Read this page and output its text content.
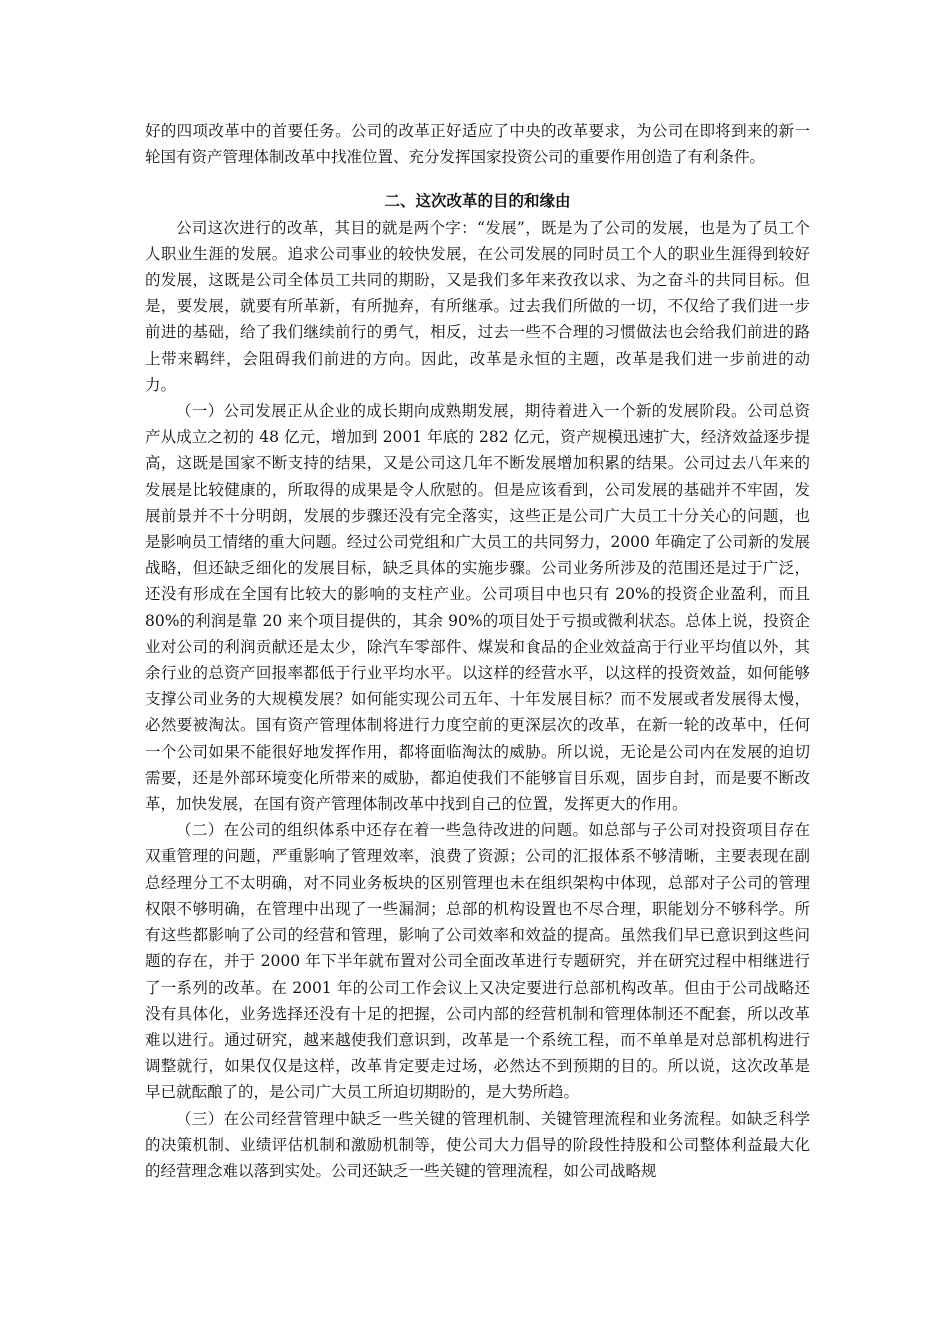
好的四项改革中的首要任务。公司的改革正好适应了中央的改革要求，为公司在即将到来的新一轮国有资产管理体制改革中找准位置、充分发挥国家投资公司的重要作用创造了有利条件。

二、这次改革的目的和缘由

公司这次进行的改革，其目的就是两个字：“发展”，既是为了公司的发展，也是为了员工个人职业生涯的发展。追求公司事业的较快发展，在公司发展的同时员工个人的职业生涯得到较好的发展，这既是公司全体员工共同的期盼，又是我们多年来孜孜以求、为之奋斗的共同目标。但是，要发展，就要有所革新，有所抛弃，有所继承。过去我们所做的一切，不仅给了我们进一步前进的基础，给了我们继续前行的勇气，相反，过去一些不合理的习惯做法也会给我们前进的路上带来羁绊，会阻碍我们前进的方向。因此，改革是永恒的主题，改革是我们进一步前进的动力。

（一）公司发展正从企业的成长期向成熟期发展，期待着进入一个新的发展阶段。公司总资产从成立之初的 48 亿元，增加到 2001 年底的 282 亿元，资产规模迅速扩大，经济效益逐步提高，这既是国家不断支持的结果，又是公司这几年不断发展增加积累的结果。公司过去八年来的发展是比较健康的，所取得的成果是令人欣慰的。但是应该看到，公司发展的基础并不牢固，发展前景并不十分明朗，发展的步骤还没有完全落实，这些正是公司广大员工十分关心的问题，也是影响员工情绪的重大问题。经过公司党组和广大员工的共同努力，2000 年确定了公司新的发展战略，但还缺乏细化的发展目标，缺乏具体的实施步骤。公司业务所涉及的范围还是过于广泛，还没有形成在全国有比较大的影响的支柱产业。公司项目中也只有 20%的投资企业盈利，而且 80%的利润是靠 20 来个项目提供的，其余 90%的项目处于亏损或微利状态。总体上说，投资企业对公司的利润贡献还是太少，除汽车零部件、煤炭和食品的企业效益高于行业平均值以外，其余行业的总资产回报率都低于行业平均水平。以这样的经营水平，以这样的投资效益，如何能够支撑公司业务的大规模发展？如何能实现公司五年、十年发展目标？而不发展或者发展得太慢，必然要被淘汰。国有资产管理体制将进行力度空前的更深层次的改革，在新一轮的改革中，任何一个公司如果不能很好地发挥作用，都将面临淘汰的威胁。所以说，无论是公司内在发展的迫切需要，还是外部环境变化所带来的威胁，都迫使我们不能够盲目乐观，固步自封，而是要不断改革，加快发展，在国有资产管理体制改革中找到自己的位置，发挥更大的作用。

（二）在公司的组织体系中还存在着一些急待改进的问题。如总部与子公司对投资项目存在双重管理的问题，严重影响了管理效率，浪费了资源；公司的汇报体系不够清晰，主要表现在副总经理分工不太明确，对不同业务板块的区别管理也未在组织架构中体现，总部对子公司的管理权限不够明确，在管理中出现了一些漏洞；总部的机构设置也不尽合理，职能划分不够科学。所有这些都影响了公司的经营和管理，影响了公司效率和效益的提高。虽然我们早已意识到这些问题的存在，并于 2000 年下半年就布置对公司全面改革进行专题研究，并在研究过程中相继进行了一系列的改革。在 2001 年的公司工作会议上又决定要进行总部机构改革。但由于公司战略还没有具体化，业务选择还没有十足的把握，公司内部的经营机制和管理体制还不配套，所以改革难以进行。通过研究，越来越使我们意识到，改革是一个系统工程，而不单单是对总部机构进行调整就行，如果仅仅是这样，改革肯定要走过场，必然达不到预期的目的。所以说，这次改革是早已就酝酿了的，是公司广大员工所迫切期盼的，是大势所趋。

（三）在公司经营管理中缺乏一些关键的管理机制、关键管理流程和业务流程。如缺乏科学的决策机制、业绩评估机制和激励机制等，使公司大力倡导的阶段性持股和公司整体利益最大化的经营理念难以落到实处。公司还缺乏一些关键的管理流程，如公司战略规
